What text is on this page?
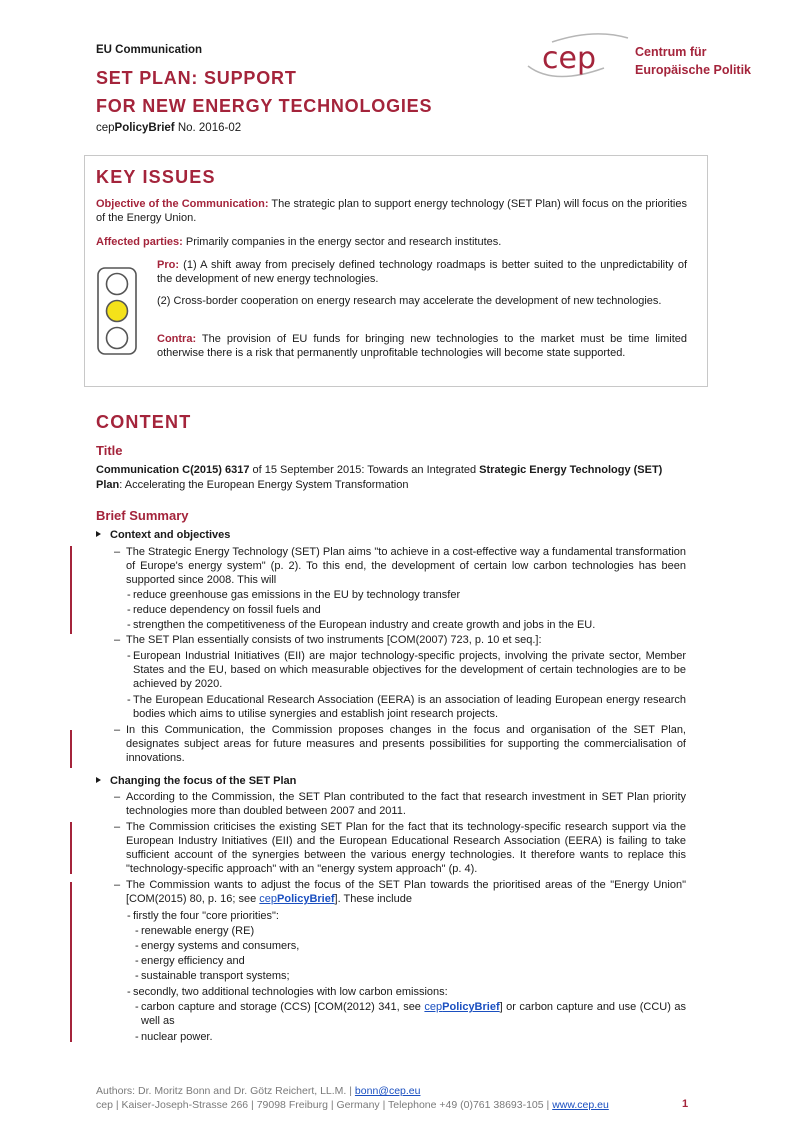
EU Communication
SET PLAN: SUPPORT
FOR NEW ENERGY TECHNOLOGIES
cepPolicyBrief No. 2016-02
cep	Centrum für
Europäische Politik
KEY ISSUES
Objective of the Communication: The strategic plan to support energy technology (SET Plan) will focus on the priorities of the Energy Union.
Affected parties: Primarily companies in the energy sector and research institutes.
Pro: (1) A shift away from precisely defined technology roadmaps is better suited to the unpredictability of the development of new energy technologies.
(2) Cross-border cooperation on energy research may accelerate the development of new technologies.
Contra: The provision of EU funds for bringing new technologies to the market must be time limited otherwise there is a risk that permanently unprofitable technologies will become state supported.
CONTENT
Title
Communication C(2015) 6317 of 15 September 2015: Towards an Integrated Strategic Energy Technology (SET) Plan: Accelerating the European Energy System Transformation
Brief Summary
Context and objectives
– The Strategic Energy Technology (SET) Plan aims "to achieve in a cost-effective way a fundamental transformation of Europe's energy system" (p. 2). To this end, the development of certain low carbon technologies has been supported since 2008. This will
- reduce greenhouse gas emissions in the EU by technology transfer
- reduce dependency on fossil fuels and
- strengthen the competitiveness of the European industry and create growth and jobs in the EU.
– The SET Plan essentially consists of two instruments [COM(2007) 723, p. 10 et seq.]:
- European Industrial Initiatives (EII) are major technology-specific projects, involving the private sector, Member States and the EU, based on which measurable objectives for the development of certain technologies are to be achieved by 2020.
- The European Educational Research Association (EERA) is an association of leading European energy research bodies which aims to utilise synergies and establish joint research projects.
– In this Communication, the Commission proposes changes in the focus and organisation of the SET Plan, designates subject areas for future measures and presents possibilities for supporting the commercialisation of innovations.
Changing the focus of the SET Plan
– According to the Commission, the SET Plan contributed to the fact that research investment in SET Plan priority technologies more than doubled between 2007 and 2011.
– The Commission criticises the existing SET Plan for the fact that its technology-specific research support via the European Industry Initiatives (EII) and the European Educational Research Association (EERA) is failing to take sufficient account of the synergies between the various energy technologies. It therefore wants to replace this "technology-specific approach" with an "energy system approach" (p. 4).
– The Commission wants to adjust the focus of the SET Plan towards the prioritised areas of the "Energy Union" [COM(2015) 80, p. 16; see cepPolicyBrief]. These include
- firstly the four "core priorities":
- renewable energy (RE)
- energy systems and consumers,
- energy efficiency and
- sustainable transport systems;
- secondly, two additional technologies with low carbon emissions:
- carbon capture and storage (CCS) [COM(2012) 341, see cepPolicyBrief] or carbon capture and use (CCU) as well as
- nuclear power.
Authors: Dr. Moritz Bonn and Dr. Götz Reichert, LL.M. | bonn@cep.eu
cep | Kaiser-Joseph-Strasse 266 | 79098 Freiburg | Germany | Telephone +49 (0)761 38693-105 | www.cep.eu	1
